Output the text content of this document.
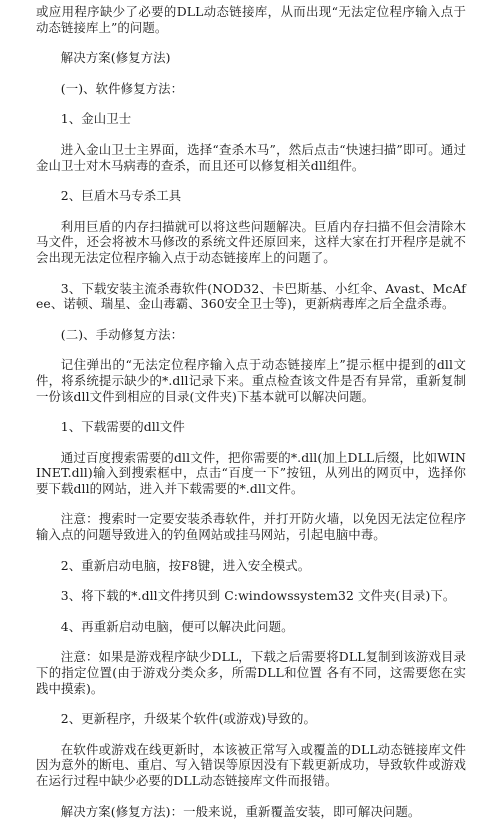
或应用程序缺少了必要的DLL动态链接库，从而出现“无法定位程序输入点于动态链接库上”的问题。

解决方案(修复方法)

(一)、软件修复方法：

1、金山卫士

进入金山卫士主界面，选择“查杀木马”，然后点击“快速扫描”即可。通过金山卫士对木马病毒的查杀，而且还可以修复相关dll组件。

2、巨盾木马专杀工具

利用巨盾的内存扫描就可以将这些问题解决。巨盾内存扫描不但会清除木马文件，还会将被木马修改的系统文件还原回来，这样大家在打开程序是就不会出现无法定位程序输入点于动态链接库上的问题了。

3、下载安装主流杀毒软件(NOD32、卡巴斯基、小红伞、Avast、McAfee、诺顿、瑞星、金山毒霸、360安全卫士等)，更新病毒库之后全盘杀毒。

(二)、手动修复方法：

记住弹出的“无法定位程序输入点于动态链接库上”提示框中提到的dll文件，将系统提示缺少的*.dll记录下来。重点检查该文件是否有异常，重新复制一份该dll文件到相应的目录(文件夹)下基本就可以解决问题。

1、下载需要的dll文件

通过百度搜索需要的dll文件，把你需要的*.dll(加上DLL后缀，比如WININET.dll)输入到搜索框中，点击“百度一下”按钮，从列出的网页中，选择你要下载dll的网站，进入并下载需要的*.dll文件。

注意：搜索时一定要安装杀毒软件，并打开防火墙，以免因无法定位程序输入点的问题导致进入的钓鱼网站或挂马网站，引起电脑中毒。

2、重新启动电脑，按F8键，进入安全模式。

3、将下载的*.dll文件拷贝到 C:windowssystem32 文件夹(目录)下。

4、再重新启动电脑，便可以解决此问题。

注意：如果是游戏程序缺少DLL，下载之后需要将DLL复制到该游戏目录下的指定位置(由于游戏分类众多，所需DLL和位置 各有不同，这需要您在实践中摸索)。

2、更新程序，升级某个软件(或游戏)导致的。

在软件或游戏在线更新时，本该被正常写入或覆盖的DLL动态链接库文件因为意外的断电、重启、写入错误等原因没有下载更新成功，导致软件或游戏在运行过程中缺少必要的DLL动态链接库文件而报错。

解决方案(修复方法)：一般来说，重新覆盖安装，即可解决问题。
